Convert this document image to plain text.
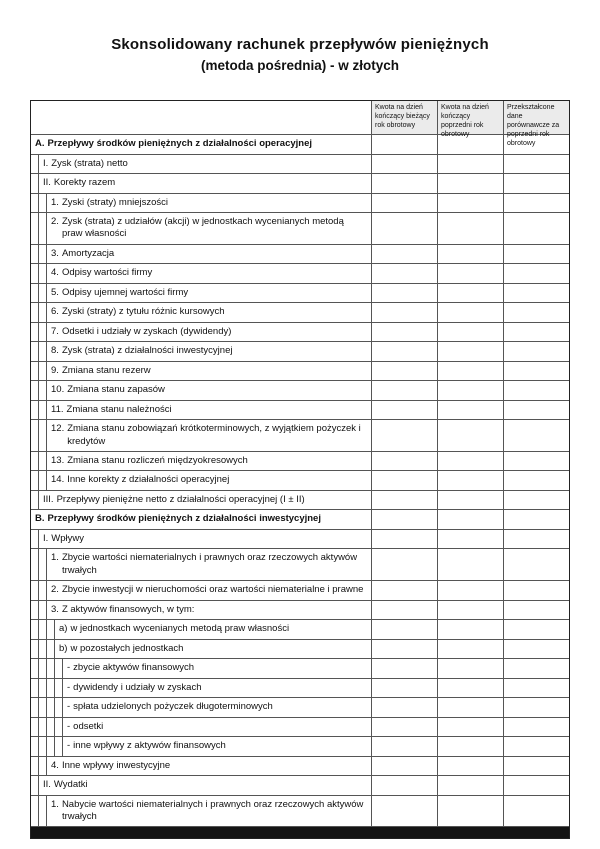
Skonsolidowany rachunek przepływów pieniężnych
(metoda pośrednia) - w złotych
Kwota na dzień kończący bieżący rok obrotowy
Kwota na dzień kończący poprzedni rok obrotowy
Przekształcone dane porównawcze za poprzedni rok obrotowy
A. Przepływy środków pieniężnych z działalności operacyjnej
I. Zysk (strata) netto
II. Korekty razem
1. Zyski (straty) mniejszości
2. Zysk (strata) z udziałów (akcji) w jednostkach wycenianych metodą praw własności
3. Amortyzacja
4. Odpisy wartości firmy
5. Odpisy ujemnej wartości firmy
6. Zyski (straty) z tytułu różnic kursowych
7. Odsetki i udziały w zyskach (dywidendy)
8. Zysk (strata) z działalności inwestycyjnej
9. Zmiana stanu rezerw
10. Zmiana stanu zapasów
11. Zmiana stanu należności
12. Zmiana stanu zobowiązań krótkoterminowych, z wyjątkiem pożyczek i kredytów
13. Zmiana stanu rozliczeń międzyokresowych
14. Inne korekty z działalności operacyjnej
III. Przepływy pieniężne netto z działalności operacyjnej (I ± II)
B. Przepływy środków pieniężnych z działalności inwestycyjnej
I. Wpływy
1. Zbycie wartości niematerialnych i prawnych oraz rzeczowych aktywów trwałych
2. Zbycie inwestycji w nieruchomości oraz wartości niematerialne i prawne
3. Z aktywów finansowych, w tym:
a) w jednostkach wycenianych metodą praw własności
b) w pozostałych jednostkach
- zbycie aktywów finansowych
- dywidendy i udziały w zyskach
- spłata udzielonych pożyczek długoterminowych
- odsetki
- inne wpływy z aktywów finansowych
4. Inne wpływy inwestycyjne
II. Wydatki
1. Nabycie wartości niematerialnych i prawnych oraz rzeczowych aktywów trwałych
